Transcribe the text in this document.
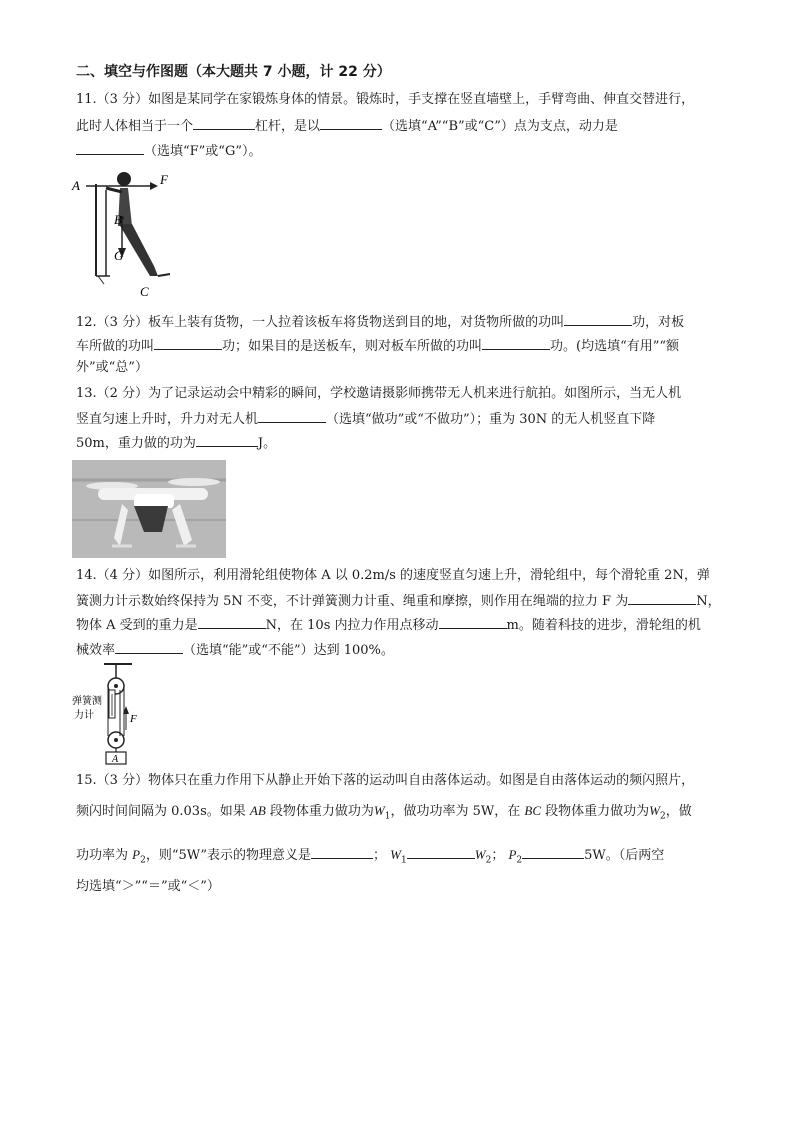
二、填空与作图题（本大题共 7 小题，计 22 分）
11.（3 分）如图是某同学在家锻炼身体的情景。锻炼时，手支撑在竖直墙壁上，手臂弯曲、伸直交替进行，
此时人体相当于一个	杠杆，是以	（选填“A”“B”或“C”）点为支点，动力是
（选填“F”或“G”）。
A	F
B
G
C
12.（3 分）板车上装有货物，一人拉着该板车将货物送到目的地，对货物所做的功叫	功，对板
车所做的功叫	功；如果目的是送板车，则对板车所做的功叫	功。(均选填“有用”“额
外”或“总”）
13.（2 分）为了记录运动会中精彩的瞬间，学校邀请摄影师携带无人机来进行航拍。如图所示，当无人机
竖直匀速上升时，升力对无人机	（选填“做功”或“不做功”）；重为 30N 的无人机竖直下降
50m，重力做的功为	J。
14.（4 分）如图所示，利用滑轮组使物体 A 以 0.2m/s 的速度竖直匀速上升，滑轮组中，每个滑轮重 2N，弹
簧测力计示数始终保持为 5N 不变，不计弹簧测力计重、绳重和摩擦，则作用在绳端的拉力 F 为	N，
物体 A 受到的重力是	N，在 10s 内拉力作用点移动	m。随着科技的进步，滑轮组的机
械效率	（选填“能”或“不能”）达到 100%。
弹簧测
力计	F
A
15.（3 分）物体只在重力作用下从静止开始下落的运动叫自由落体运动。如图是自由落体运动的频闪照片，
频闪时间间隔为 0.03s。如果 AB 段物体重力做功为$W_1$，做功功率为 5W，在 BC 段物体重力做功为$W_2$，做
功功率为 $P_2$，则“5W”表示的物理意义是	； $W_1$	$W_2$； $P_2$	5W。（后两空
均选填“＞”“＝”或“＜”）
